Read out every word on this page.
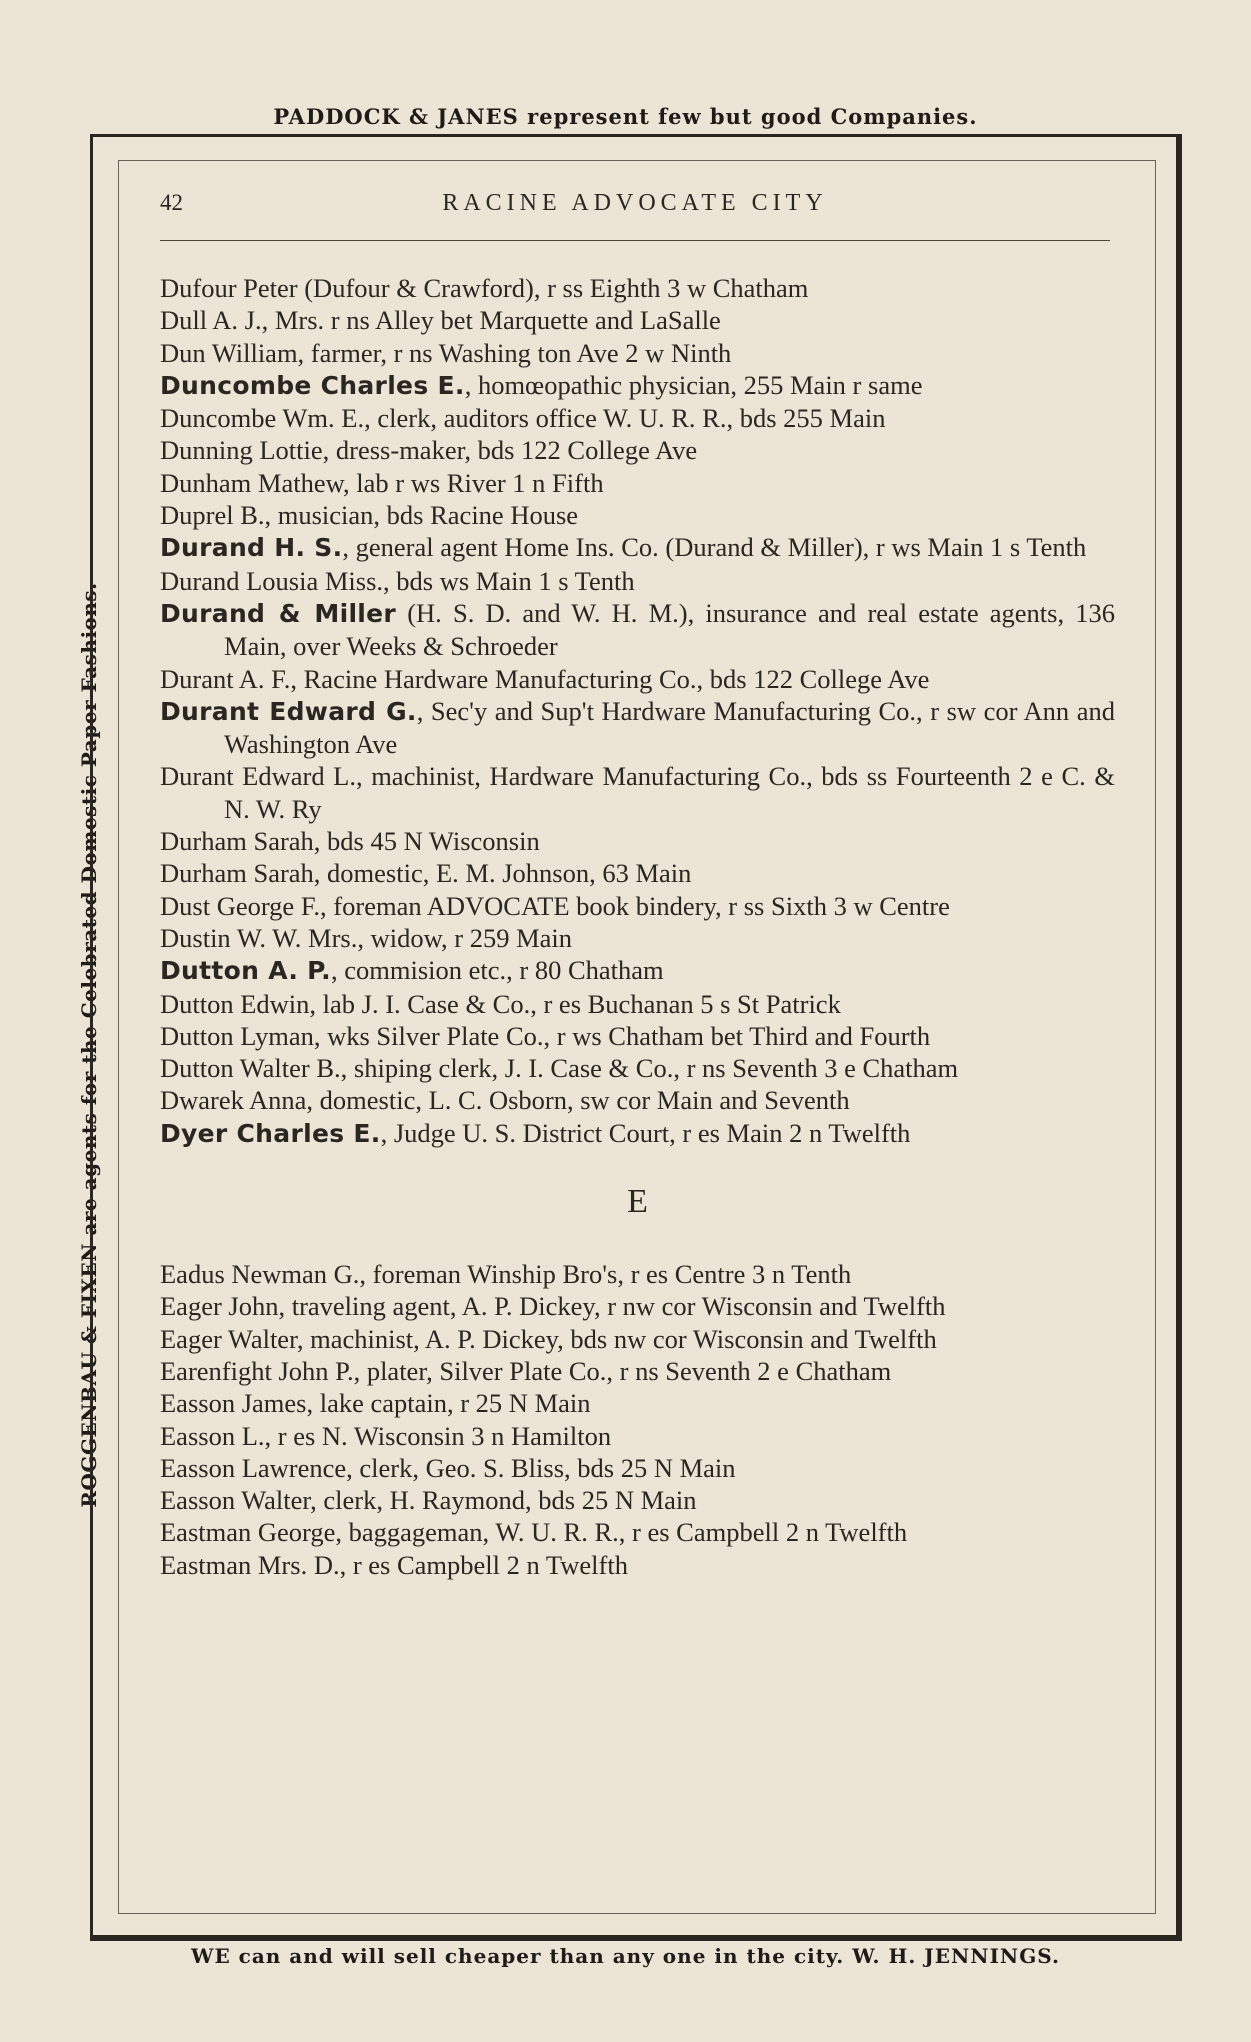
PADDOCK & JANES represent few but good Companies.
ROGGENBAU & FIXEN are agents for the Celebrated Domestic Paper Fashions.
42	RACINE ADVOCATE CITY
Dufour Peter (Dufour & Crawford), r ss Eighth 3 w Chatham
Dull A. J., Mrs. r ns Alley bet Marquette and LaSalle
Dun William, farmer, r ns Washing ton Ave 2 w Ninth
Duncombe Charles E., homœopathic physician, 255 Main r same
Duncombe Wm. E., clerk, auditors office W. U. R. R., bds 255 Main
Dunning Lottie, dress-maker, bds 122 College Ave
Dunham Mathew, lab r ws River 1 n Fifth
Duprel B., musician, bds Racine House
Durand H. S., general agent Home Ins. Co. (Durand & Miller), r ws Main 1 s Tenth
Durand Lousia Miss., bds ws Main 1 s Tenth
Durand & Miller (H. S. D. and W. H. M.), insurance and real estate agents, 136 Main, over Weeks & Schroeder
Durant A. F., Racine Hardware Manufacturing Co., bds 122 College Ave
Durant Edward G., Sec'y and Sup't Hardware Manufacturing Co., r sw cor Ann and Washington Ave
Durant Edward L., machinist, Hardware Manufacturing Co., bds ss Fourteenth 2 e C. & N. W. Ry
Durham Sarah, bds 45 N Wisconsin
Durham Sarah, domestic, E. M. Johnson, 63 Main
Dust George F., foreman ADVOCATE book bindery, r ss Sixth 3 w Centre
Dustin W. W. Mrs., widow, r 259 Main
Dutton A. P., commision etc., r 80 Chatham
Dutton Edwin, lab J. I. Case & Co., r es Buchanan 5 s St Patrick
Dutton Lyman, wks Silver Plate Co., r ws Chatham bet Third and Fourth
Dutton Walter B., shiping clerk, J. I. Case & Co., r ns Seventh 3 e Chatham
Dwarek Anna, domestic, L. C. Osborn, sw cor Main and Seventh
Dyer Charles E., Judge U. S. District Court, r es Main 2 n Twelfth
E
Eadus Newman G., foreman Winship Bro's, r es Centre 3 n Tenth
Eager John, traveling agent, A. P. Dickey, r nw cor Wisconsin and Twelfth
Eager Walter, machinist, A. P. Dickey, bds nw cor Wisconsin and Twelfth
Earenfight John P., plater, Silver Plate Co., r ns Seventh 2 e Chatham
Easson James, lake captain, r 25 N Main
Easson L., r es N. Wisconsin 3 n Hamilton
Easson Lawrence, clerk, Geo. S. Bliss, bds 25 N Main
Easson Walter, clerk, H. Raymond, bds 25 N Main
Eastman George, baggageman, W. U. R. R., r es Campbell 2 n Twelfth
Eastman Mrs. D., r es Campbell 2 n Twelfth
WE can and will sell cheaper than any one in the city. W. H. JENNINGS.
